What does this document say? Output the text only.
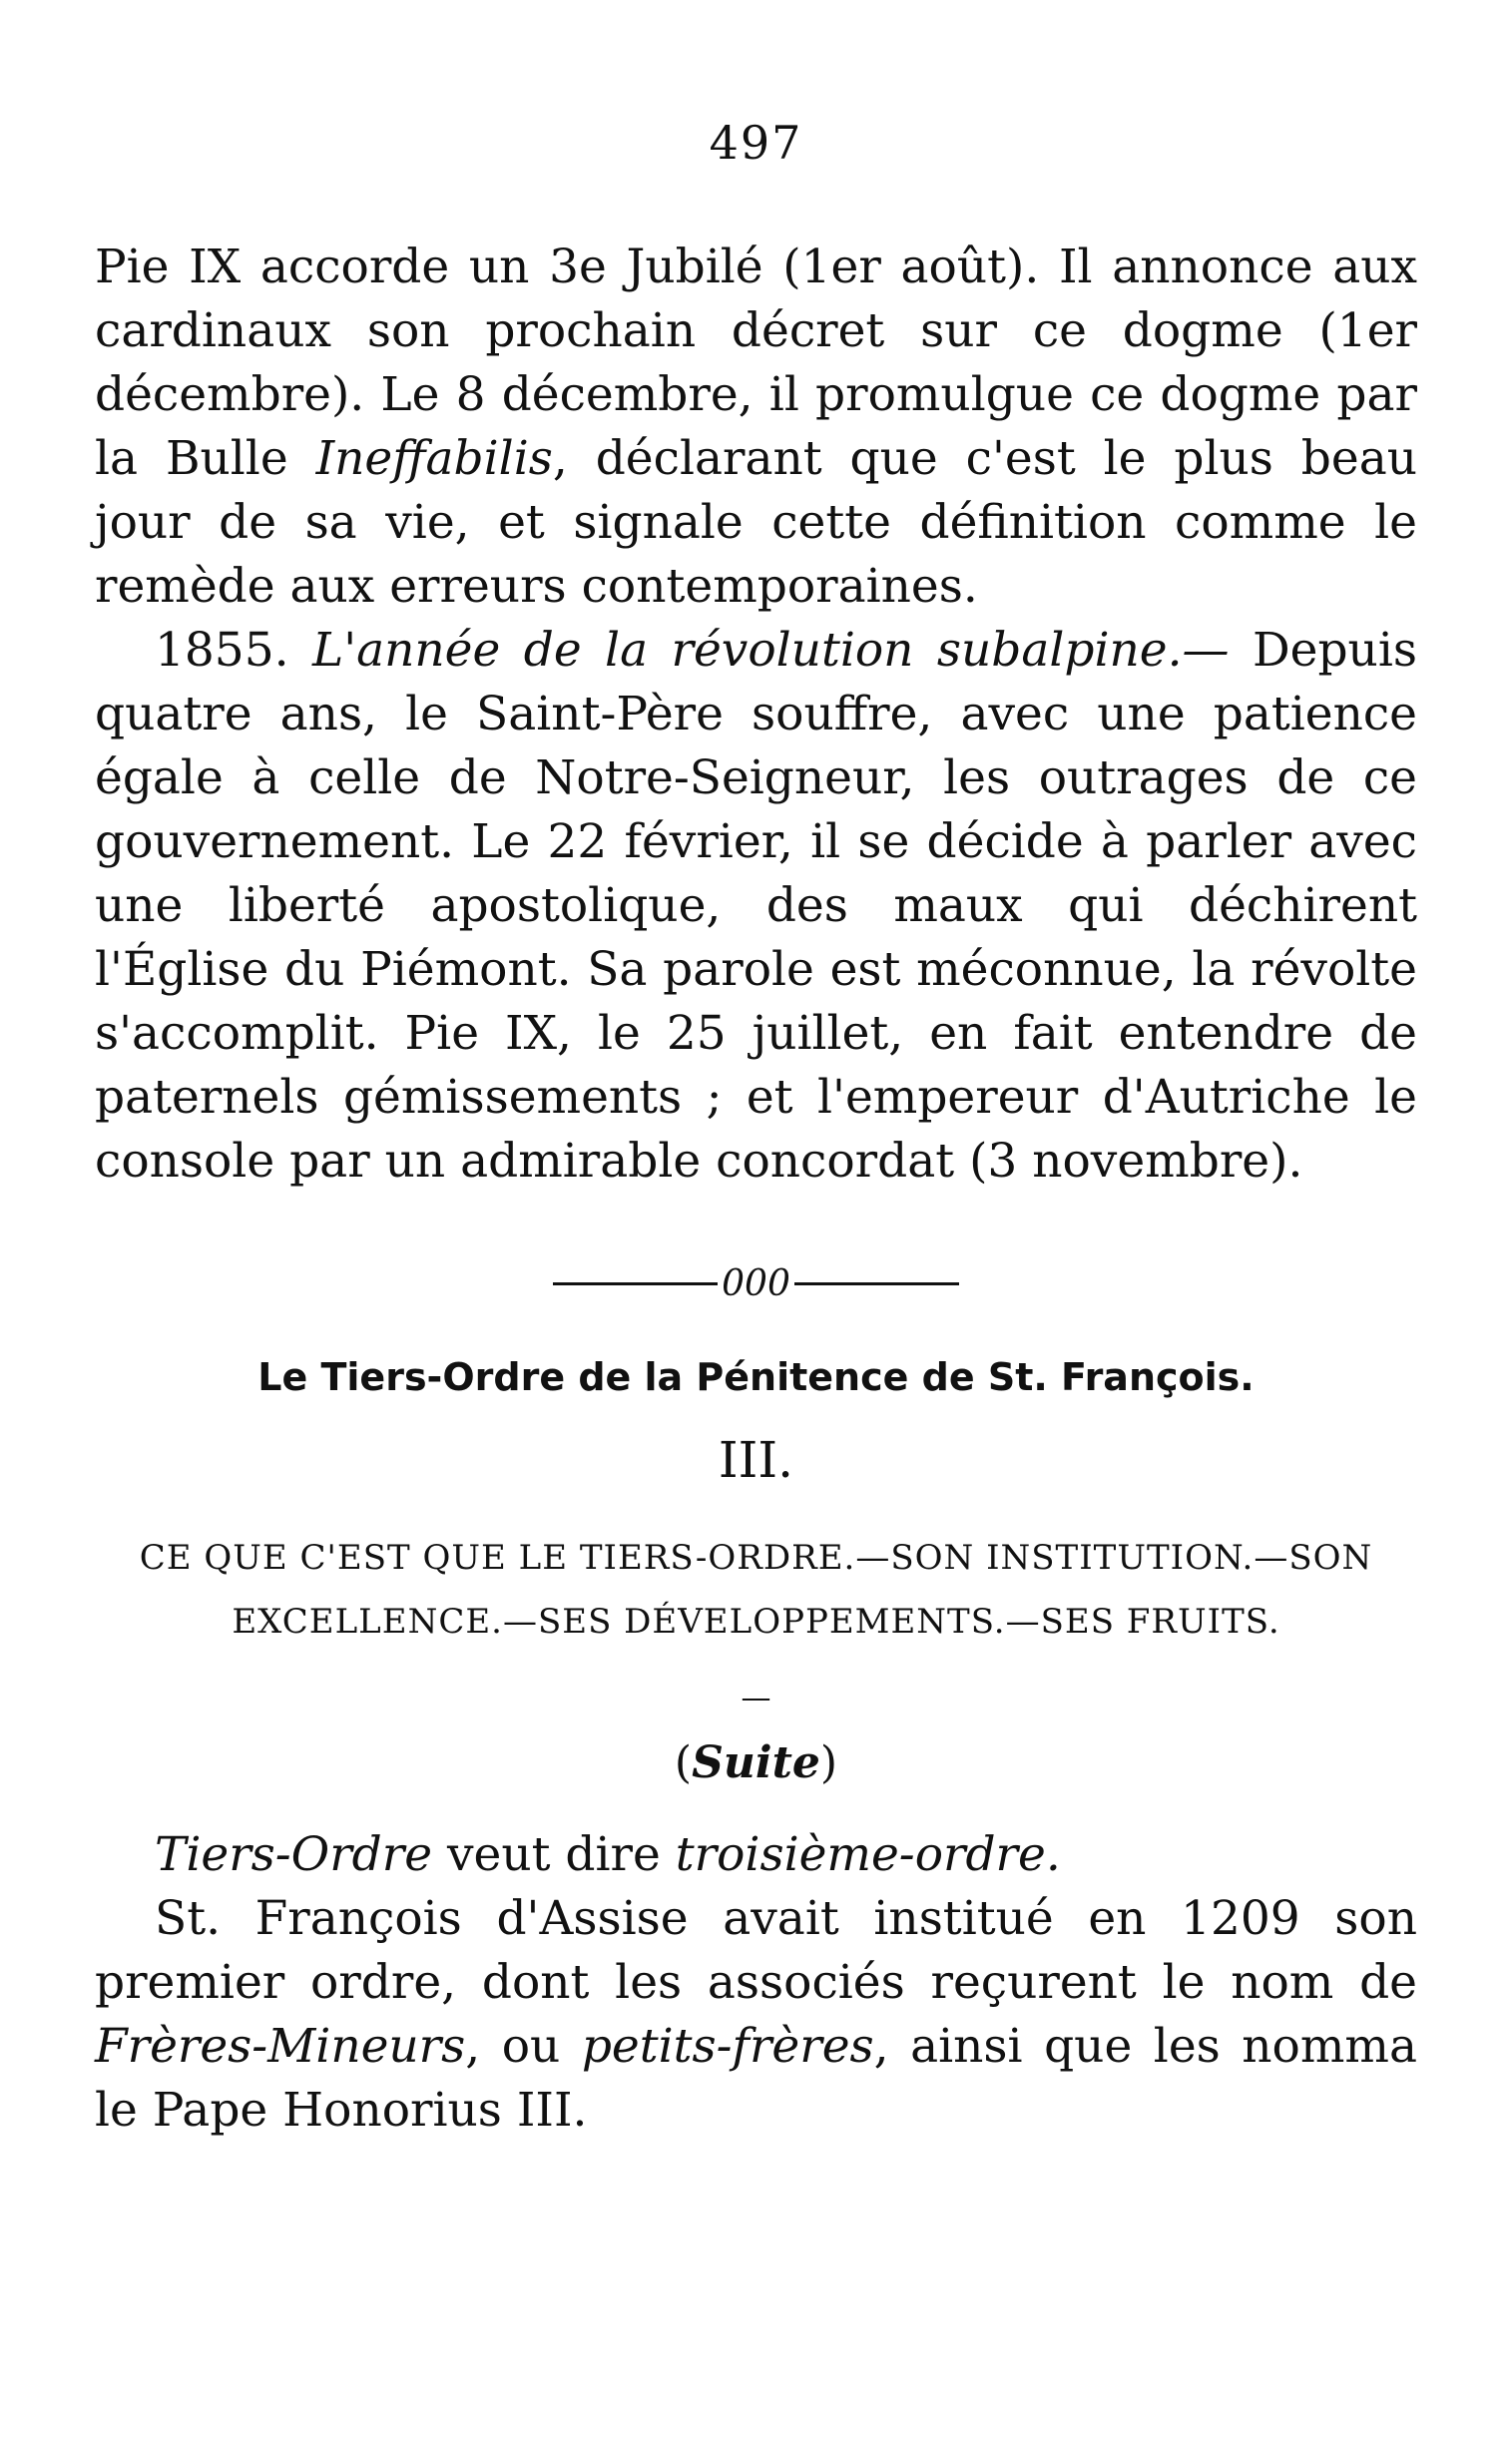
497

Pie IX accorde un 3e Jubilé (1er août). Il annonce aux cardinaux son prochain décret sur ce dogme (1er décembre). Le 8 décembre, il promulgue ce dogme par la Bulle Ineffabilis, déclarant que c'est le plus beau jour de sa vie, et signale cette définition comme le remède aux erreurs contemporaines.

1855. L'année de la révolution subalpine.— Depuis quatre ans, le Saint-Père souffre, avec une patience égale à celle de Notre-Seigneur, les outrages de ce gouvernement. Le 22 février, il se décide à parler avec une liberté apostolique, des maux qui déchirent l'Église du Piémont. Sa parole est méconnue, la révolte s'accomplit. Pie IX, le 25 juillet, en fait entendre de paternels gémissements ; et l'empereur d'Autriche le console par un admirable concordat (3 novembre).

000
Le Tiers-Ordre de la Pénitence de St. François.
III.
CE QUE C'EST QUE LE TIERS-ORDRE.—SON INSTITUTION.—SON EXCELLENCE.—SES DÉVELOPPEMENTS.—SES FRUITS.
—
(Suite)

Tiers-Ordre veut dire troisième-ordre.

St. François d'Assise avait institué en 1209 son premier ordre, dont les associés reçurent le nom de Frères-Mineurs, ou petits-frères, ainsi que les nomma le Pape Honorius III.
